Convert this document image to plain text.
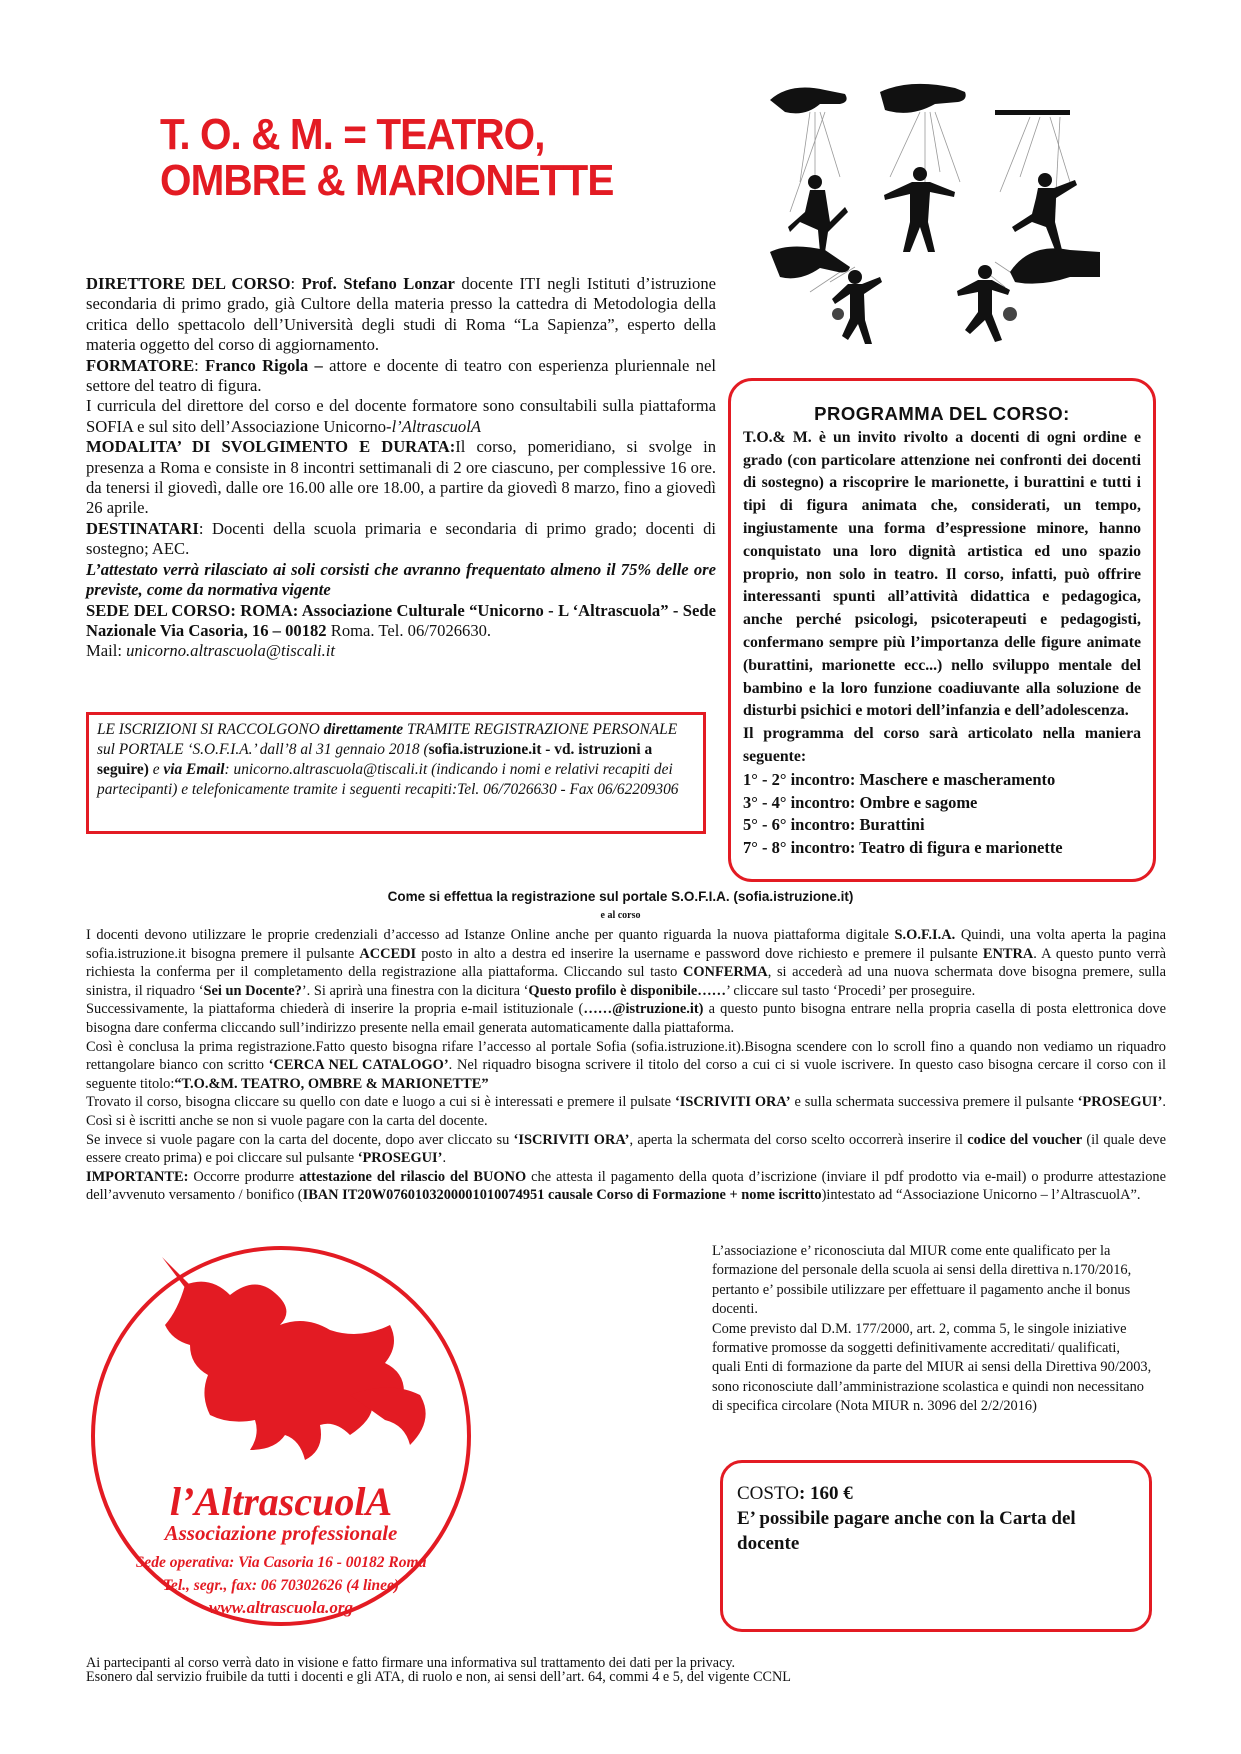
T. O. & M. = TEATRO,
OMBRE & MARIONETTE

DIRETTORE DEL CORSO: Prof. Stefano Lonzar docente ITI negli Istituti d’istruzione secondaria di primo grado, già Cultore della materia presso la cattedra di Metodologia della critica dello spettacolo dell’Università degli studi di Roma “La Sapienza”, esperto della materia oggetto del corso di aggiornamento.

FORMATORE: Franco Rigola – attore e docente di teatro con esperienza pluriennale nel settore del teatro di figura.

I curricula del direttore del corso e del docente formatore sono consultabili sulla piattaforma SOFIA e sul sito dell’Associazione Unicorno-l’AltrascuolA

MODALITA’ DI SVOLGIMENTO E DURATA:Il corso, pomeridiano, si svolge in presenza a Roma e consiste in 8 incontri settimanali di 2 ore ciascuno, per complessive 16 ore. da tenersi il giovedì, dalle ore 16.00 alle ore 18.00, a partire da giovedì 8 marzo, fino a giovedì 26 aprile.

DESTINATARI: Docenti della scuola primaria e secondaria di primo grado; docenti di sostegno; AEC.

L’attestato verrà rilasciato ai soli corsisti che avranno frequentato almeno il 75% delle ore previste, come da normativa vigente

SEDE DEL CORSO: ROMA: Associazione Culturale “Unicorno - L ‘Altrascuola” - Sede Nazionale Via Casoria, 16 – 00182 Roma. Tel. 06/7026630.

Mail: unicorno.altrascuola@tiscali.it

LE ISCRIZIONI SI RACCOLGONO direttamente TRAMITE REGISTRAZIONE PERSONALE sul PORTALE ‘S.O.F.I.A.’ dall’8 al 31 gennaio 2018 (sofia.istruzione.it - vd. istruzioni a seguire) e via Email: unicorno.altrascuola@tiscali.it (indicando i nomi e relativi recapiti dei partecipanti) e telefonicamente tramite i seguenti recapiti:Tel. 06/7026630 - Fax 06/62209306
PROGRAMMA DEL CORSO:
T.O.& M. è un invito rivolto a docenti di ogni ordine e grado (con particolare attenzione nei confronti dei docenti di sostegno) a riscoprire le marionette, i burattini e tutti i tipi di figura animata che, considerati, un tempo, ingiustamente una forma d’espressione minore, hanno conquistato una loro dignità artistica ed uno spazio proprio, non solo in teatro. Il corso, infatti, può offrire interessanti spunti all’attività didattica e pedagogica, anche perché psicologi, psicoterapeuti e pedagogisti, confermano sempre più l’importanza delle figure animate (burattini, marionette ecc...) nello sviluppo mentale del bambino e la loro funzione coadiuvante alla soluzione de disturbi psichici e motori dell’infanzia e dell’adolescenza.
Il programma del corso sarà articolato nella maniera seguente:
1° - 2° incontro: Maschere e mascheramento
3° - 4° incontro: Ombre e sagome
5° - 6° incontro: Burattini
7° - 8° incontro: Teatro di figura e marionette
Come si effettua la registrazione sul portale S.O.F.I.A. (sofia.istruzione.it)
e al corso

I docenti devono utilizzare le proprie credenziali d’accesso ad Istanze Online anche per quanto riguarda la nuova piattaforma digitale S.O.F.I.A. Quindi, una volta aperta la pagina sofia.istruzione.it bisogna premere il pulsante ACCEDI posto in alto a destra ed inserire la username e password dove richiesto e premere il pulsante ENTRA. A questo punto verrà richiesta la conferma per il completamento della registrazione alla piattaforma. Cliccando sul tasto CONFERMA, si accederà ad una nuova schermata dove bisogna premere, sulla sinistra, il riquadro ‘Sei un Docente?’. Si aprirà una finestra con la dicitura ‘Questo profilo è disponibile……’ cliccare sul tasto ‘Procedi’ per proseguire.

Successivamente, la piattaforma chiederà di inserire la propria e-mail istituzionale (……@istruzione.it) a questo punto bisogna entrare nella propria casella di posta elettronica dove bisogna dare conferma cliccando sull’indirizzo presente nella email generata automaticamente dalla piattaforma.

Così è conclusa la prima registrazione.Fatto questo bisogna rifare l’accesso al portale Sofia (sofia.istruzione.it).Bisogna scendere con lo scroll fino a quando non vediamo un riquadro rettangolare bianco con scritto ‘CERCA NEL CATALOGO’. Nel riquadro bisogna scrivere il titolo del corso a cui ci si vuole iscrivere. In questo caso bisogna cercare il corso con il seguente titolo:“T.O.&M. TEATRO, OMBRE & MARIONETTE”

Trovato il corso, bisogna cliccare su quello con date e luogo a cui si è interessati e premere il pulsate ‘ISCRIVITI ORA’ e sulla schermata successiva premere il pulsante ‘PROSEGUI’. Così si è iscritti anche se non si vuole pagare con la carta del docente.

Se invece si vuole pagare con la carta del docente, dopo aver cliccato su ‘ISCRIVITI ORA’, aperta la schermata del corso scelto occorrerà inserire il codice del voucher (il quale deve essere creato prima) e poi cliccare sul pulsante ‘PROSEGUI’.

IMPORTANTE: Occorre produrre attestazione del rilascio del BUONO che attesta il pagamento della quota d’iscrizione (inviare il pdf prodotto via e-mail) o produrre attestazione dell’avvenuto versamento / bonifico (IBAN IT20W0760103200001010074951 causale Corso di Formazione + nome iscritto)intestato ad “Associazione Unicorno – l’AltrascuolA”.

l’AltrascuolA
Associazione professionale
Sede operativa: Via Casoria 16 - 00182 Roma
Tel., segr., fax: 06 70302626 (4 linee)
www.altrascuola.org

L’associazione e’ riconosciuta dal MIUR come ente qualificato per la formazione del personale della scuola ai sensi della direttiva n.170/2016, pertanto e’ possibile utilizzare per effettuare il pagamento anche il bonus docenti.

Come previsto dal D.M. 177/2000, art. 2, comma 5, le singole iniziative formative promosse da soggetti definitivamente accreditati/ qualificati, quali Enti di formazione da parte del MIUR ai sensi della Direttiva 90/2003, sono riconosciute dall’amministrazione scolastica e quindi non necessitano di specifica circolare (Nota MIUR n. 3096 del 2/2/2016)

COSTO: 160 €
E’ possibile pagare anche con la Carta del docente
Ai partecipanti al corso verrà dato in visione e fatto firmare una informativa sul trattamento dei dati per la privacy.
Esonero dal servizio fruibile da tutti i docenti e gli ATA, di ruolo e non, ai sensi dell’art. 64, commi 4 e 5, del vigente CCNL
